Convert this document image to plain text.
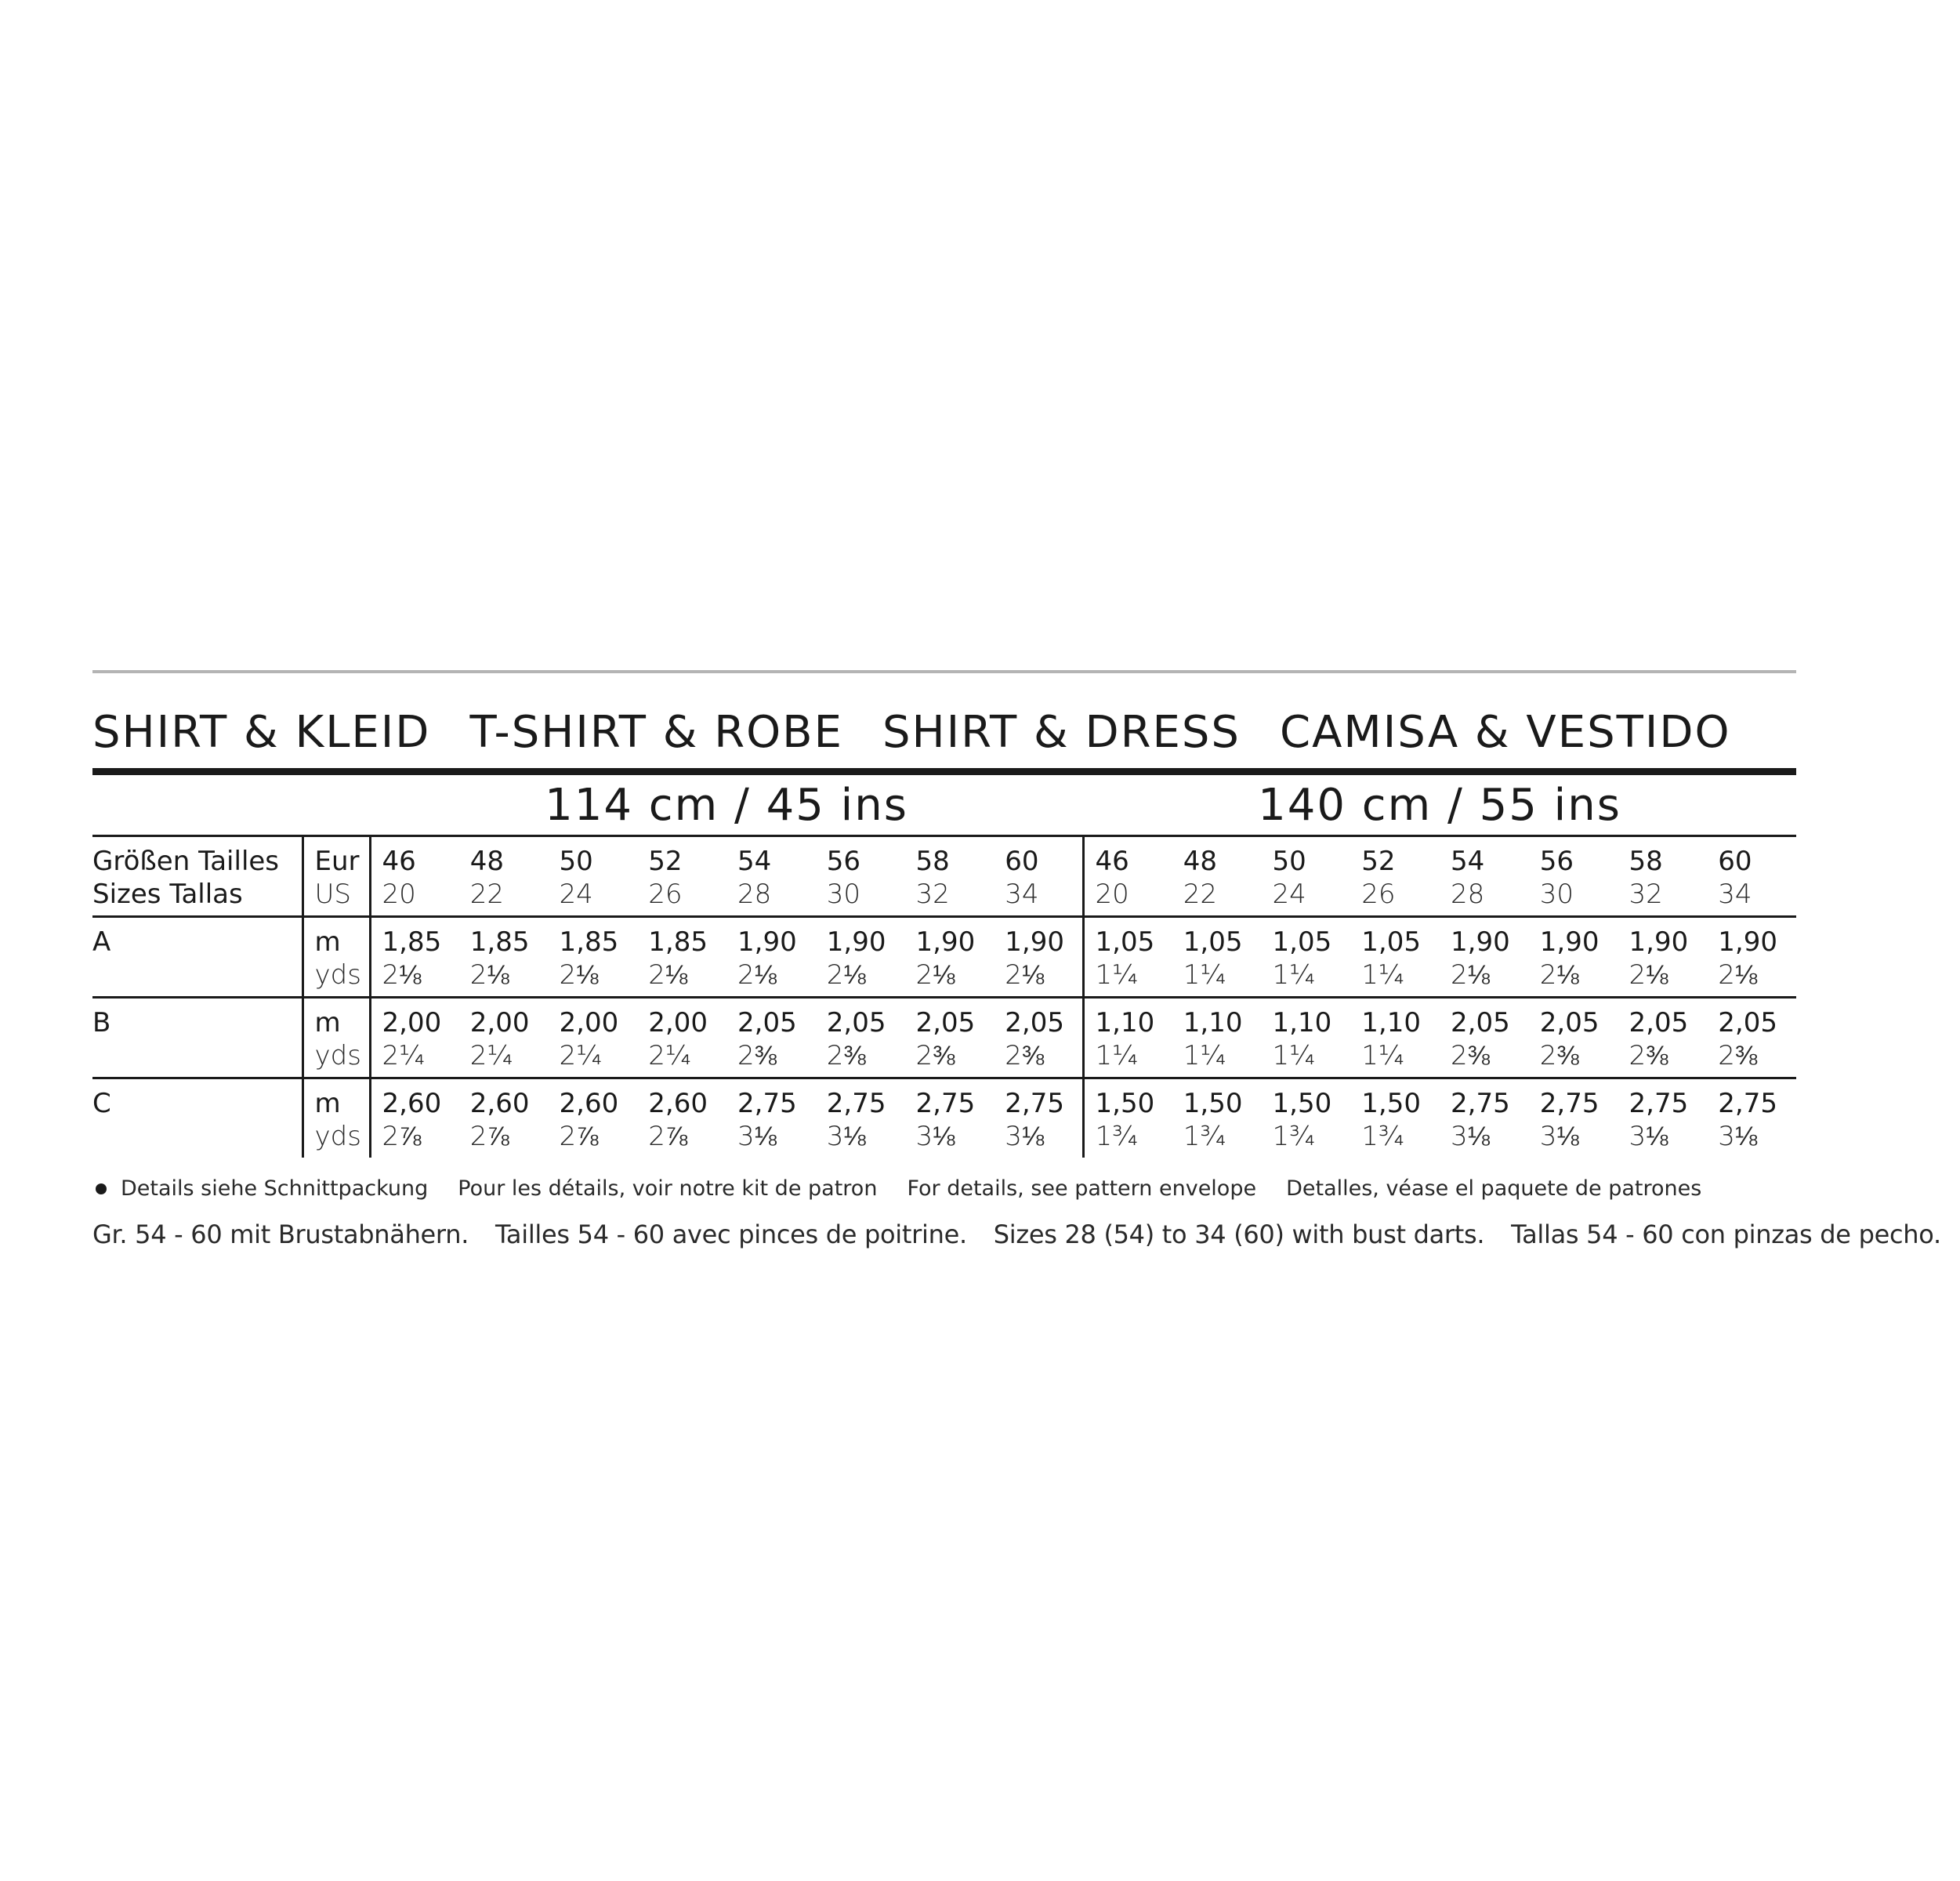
SHIRT & KLEID T-SHIRT & ROBE SHIRT & DRESS CAMISA & VESTIDO
114 cm / 45 ins	140 cm / 55 ins
Größen Tailles	Eur	46	48	50	52	54	56	58	60	46	48	50	52	54	56	58	60
Sizes Tallas	US	20	22	24	26	28	30	32	34	20	22	24	26	28	30	32	34
A	m	1,85	1,85	1,85	1,85	1,90	1,90	1,90	1,90	1,05	1,05	1,05	1,05	1,90	1,90	1,90	1,90
	yds	2⅛	2⅛	2⅛	2⅛	2⅛	2⅛	2⅛	2⅛	1¼	1¼	1¼	1¼	2⅛	2⅛	2⅛	2⅛
B	m	2,00	2,00	2,00	2,00	2,05	2,05	2,05	2,05	1,10	1,10	1,10	1,10	2,05	2,05	2,05	2,05
	yds	2¼	2¼	2¼	2¼	2⅜	2⅜	2⅜	2⅜	1¼	1¼	1¼	1¼	2⅜	2⅜	2⅜	2⅜
C	m	2,60	2,60	2,60	2,60	2,75	2,75	2,75	2,75	1,50	1,50	1,50	1,50	2,75	2,75	2,75	2,75
	yds	2⅞	2⅞	2⅞	2⅞	3⅛	3⅛	3⅛	3⅛	1¾	1¾	1¾	1¾	3⅛	3⅛	3⅛	3⅛
Details siehe Schnittpackung Pour les détails, voir notre kit de patron For details, see pattern envelope Detalles, véase el paquete de patrones
Gr. 54 - 60 mit Brustabnähern. Tailles 54 - 60 avec pinces de poitrine. Sizes 28 (54) to 34 (60) with bust darts. Tallas 54 - 60 con pinzas de pecho.
